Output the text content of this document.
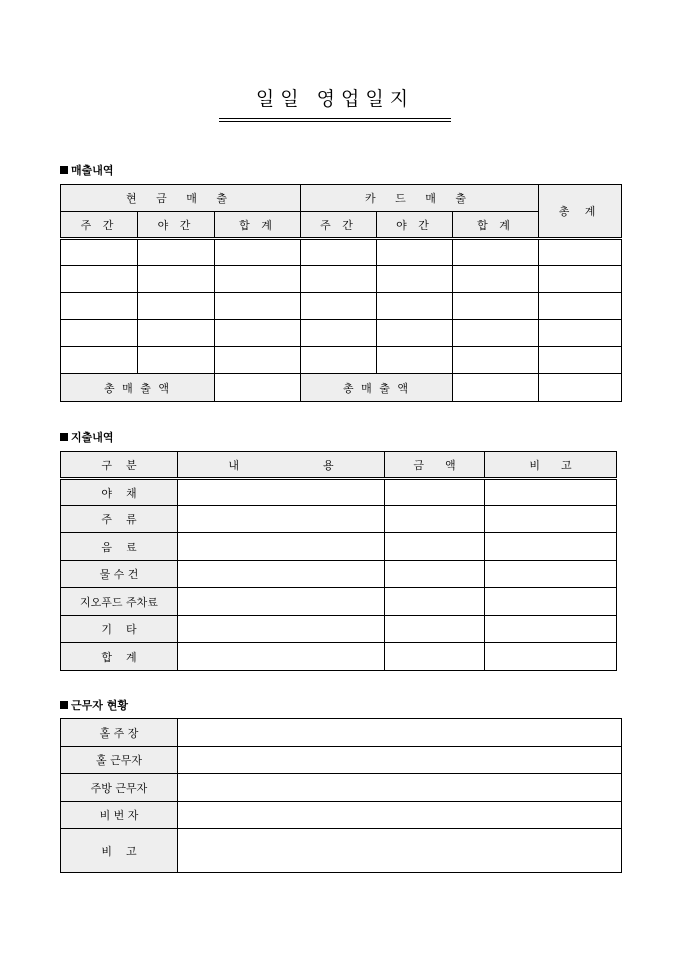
일일 영업일지
매출내역
현 금 매 출			카 드 매 출			총 계
주 간	야 간	합 계	주 간	야 간	합 계	

총 매 출 액			총 매 출 액			
지출내역
구    분	내                        용	금      액	비      고
야    채			
주    류			
음    료			
물 수 건			
지오푸드 주차료			
기    타			
합    계			
근무자 현황
홀 주 장	
홀 근무자	
주방 근무자	
비 번 자	
비    고	
